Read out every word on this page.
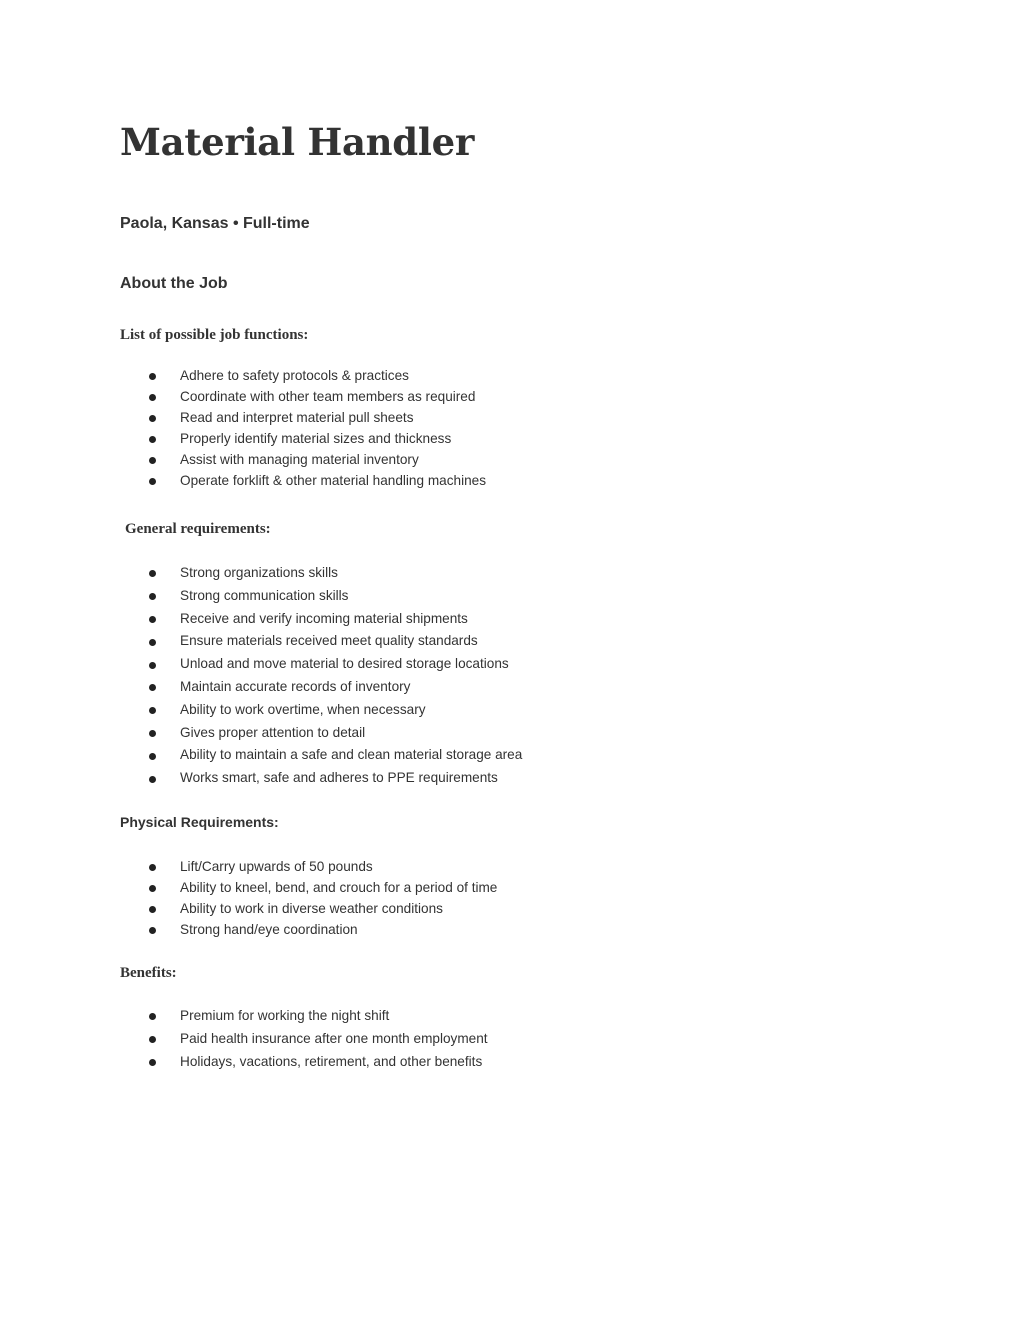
Material Handler
Paola, Kansas • Full-time
About the Job
List of possible job functions:
Adhere to safety protocols & practices
Coordinate with other team members as required
Read and interpret material pull sheets
Properly identify material sizes and thickness
Assist with managing material inventory
Operate forklift & other material handling machines
General requirements:
Strong organizations skills
Strong communication skills
Receive and verify incoming material shipments
Ensure materials received meet quality standards
Unload and move material to desired storage locations
Maintain accurate records of inventory
Ability to work overtime, when necessary
Gives proper attention to detail
Ability to maintain a safe and clean material storage area
Works smart, safe and adheres to PPE requirements
Physical Requirements:
Lift/Carry upwards of 50 pounds
Ability to kneel, bend, and crouch for a period of time
Ability to work in diverse weather conditions
Strong hand/eye coordination
Benefits:
Premium for working the night shift
Paid health insurance after one month employment
Holidays, vacations, retirement, and other benefits
